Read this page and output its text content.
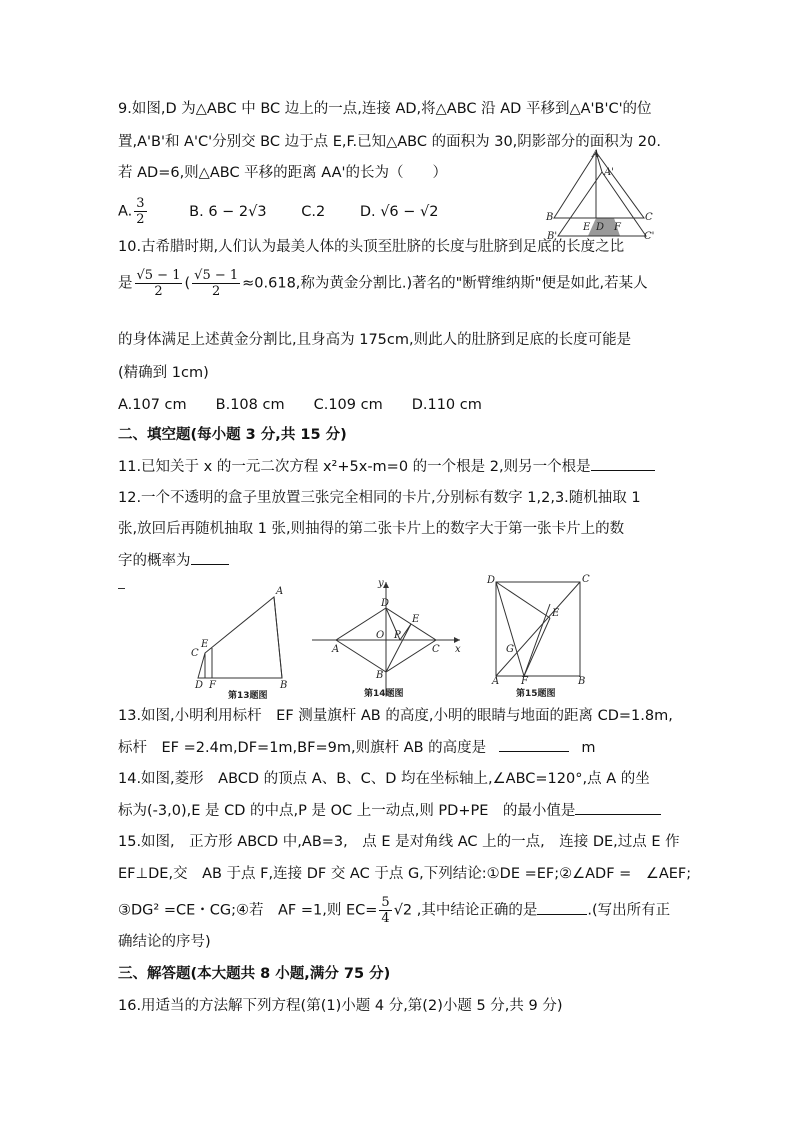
9.如图,D 为△ABC 中 BC 边上的一点,连接 AD,将△ABC 沿 AD 平移到△A'B'C'的位
置,A'B'和 A'C'分别交 BC 边于点 E,F.已知△ABC 的面积为 30,阴影部分的面积为 20.
若 AD=6,则△ABC 平移的距离 AA'的长为（　　）
A. $\frac{3}{2}$	B. 6 − 2√3 C.2 D. √6 − √2
A
A'
B	C
B'	C'
E D F
10.古希腊时期,人们认为最美人体的头顶至肚脐的长度与肚脐到足底的长度之比
是 $\frac{√5 - 1}{2}$ ( $\frac{√5 - 1}{2} \approx 0.618$,称为黄金分割比.)著名的"断臂维纳斯"便是如此,若某人
的身体满足上述黄金分割比,且身高为 175cm,则此人的肚脐到足底的长度可能是
(精确到 1cm)
A.107 cm　　B.108 cm　　C.109 cm　　D.110 cm
二、填空题(每小题 3 分,共 15 分)
11.已知关于 x 的一元二次方程 x²+5x-m=0 的一个根是 2,则另一个根是
12.一个不透明的盒子里放置三张完全相同的卡片,分别标有数字 1,2,3.随机抽取 1
张,放回后再随机抽取 1 张,则抽得的第二张卡片上的数字大于第一张卡片上的数
字的概率为
A
E
C
D F	B
第13题图
y
D
E
O P
A	C x
B
第14题图
D	C
E
G
A F	B
第15题图
13.如图,小明利用标杆　EF 测量旗杆 AB 的高度,小明的眼睛与地面的距离 CD=1.8m,
标杆　EF =2.4m,DF=1m,BF=9m,则旗杆 AB 的高度是	m
14.如图,菱形　ABCD 的顶点 A、B、C、D 均在坐标轴上,∠ABC=120°,点 A 的坐
标为(-3,0),E 是 CD 的中点,P 是 OC 上一动点,则 PD+PE　的最小值是
15.如图,　正方形 ABCD 中,AB=3,　点 E 是对角线 AC 上的一点,　连接 DE,过点 E 作
EF⊥DE,交　AB 于点 F,连接 DF 交 AC 于点 G,下列结论:①DE =EF;②∠ADF =　∠AEF;
③DG² =CE・CG;④若　AF =1,则 $EC= \frac{5}{4} √2$ ,其中结论正确的是	.(写出所有正
确结论的序号)
三、解答题(本大题共 8 小题,满分 75 分)
16.用适当的方法解下列方程(第(1)小题 4 分,第(2)小题 5 分,共 9 分)
